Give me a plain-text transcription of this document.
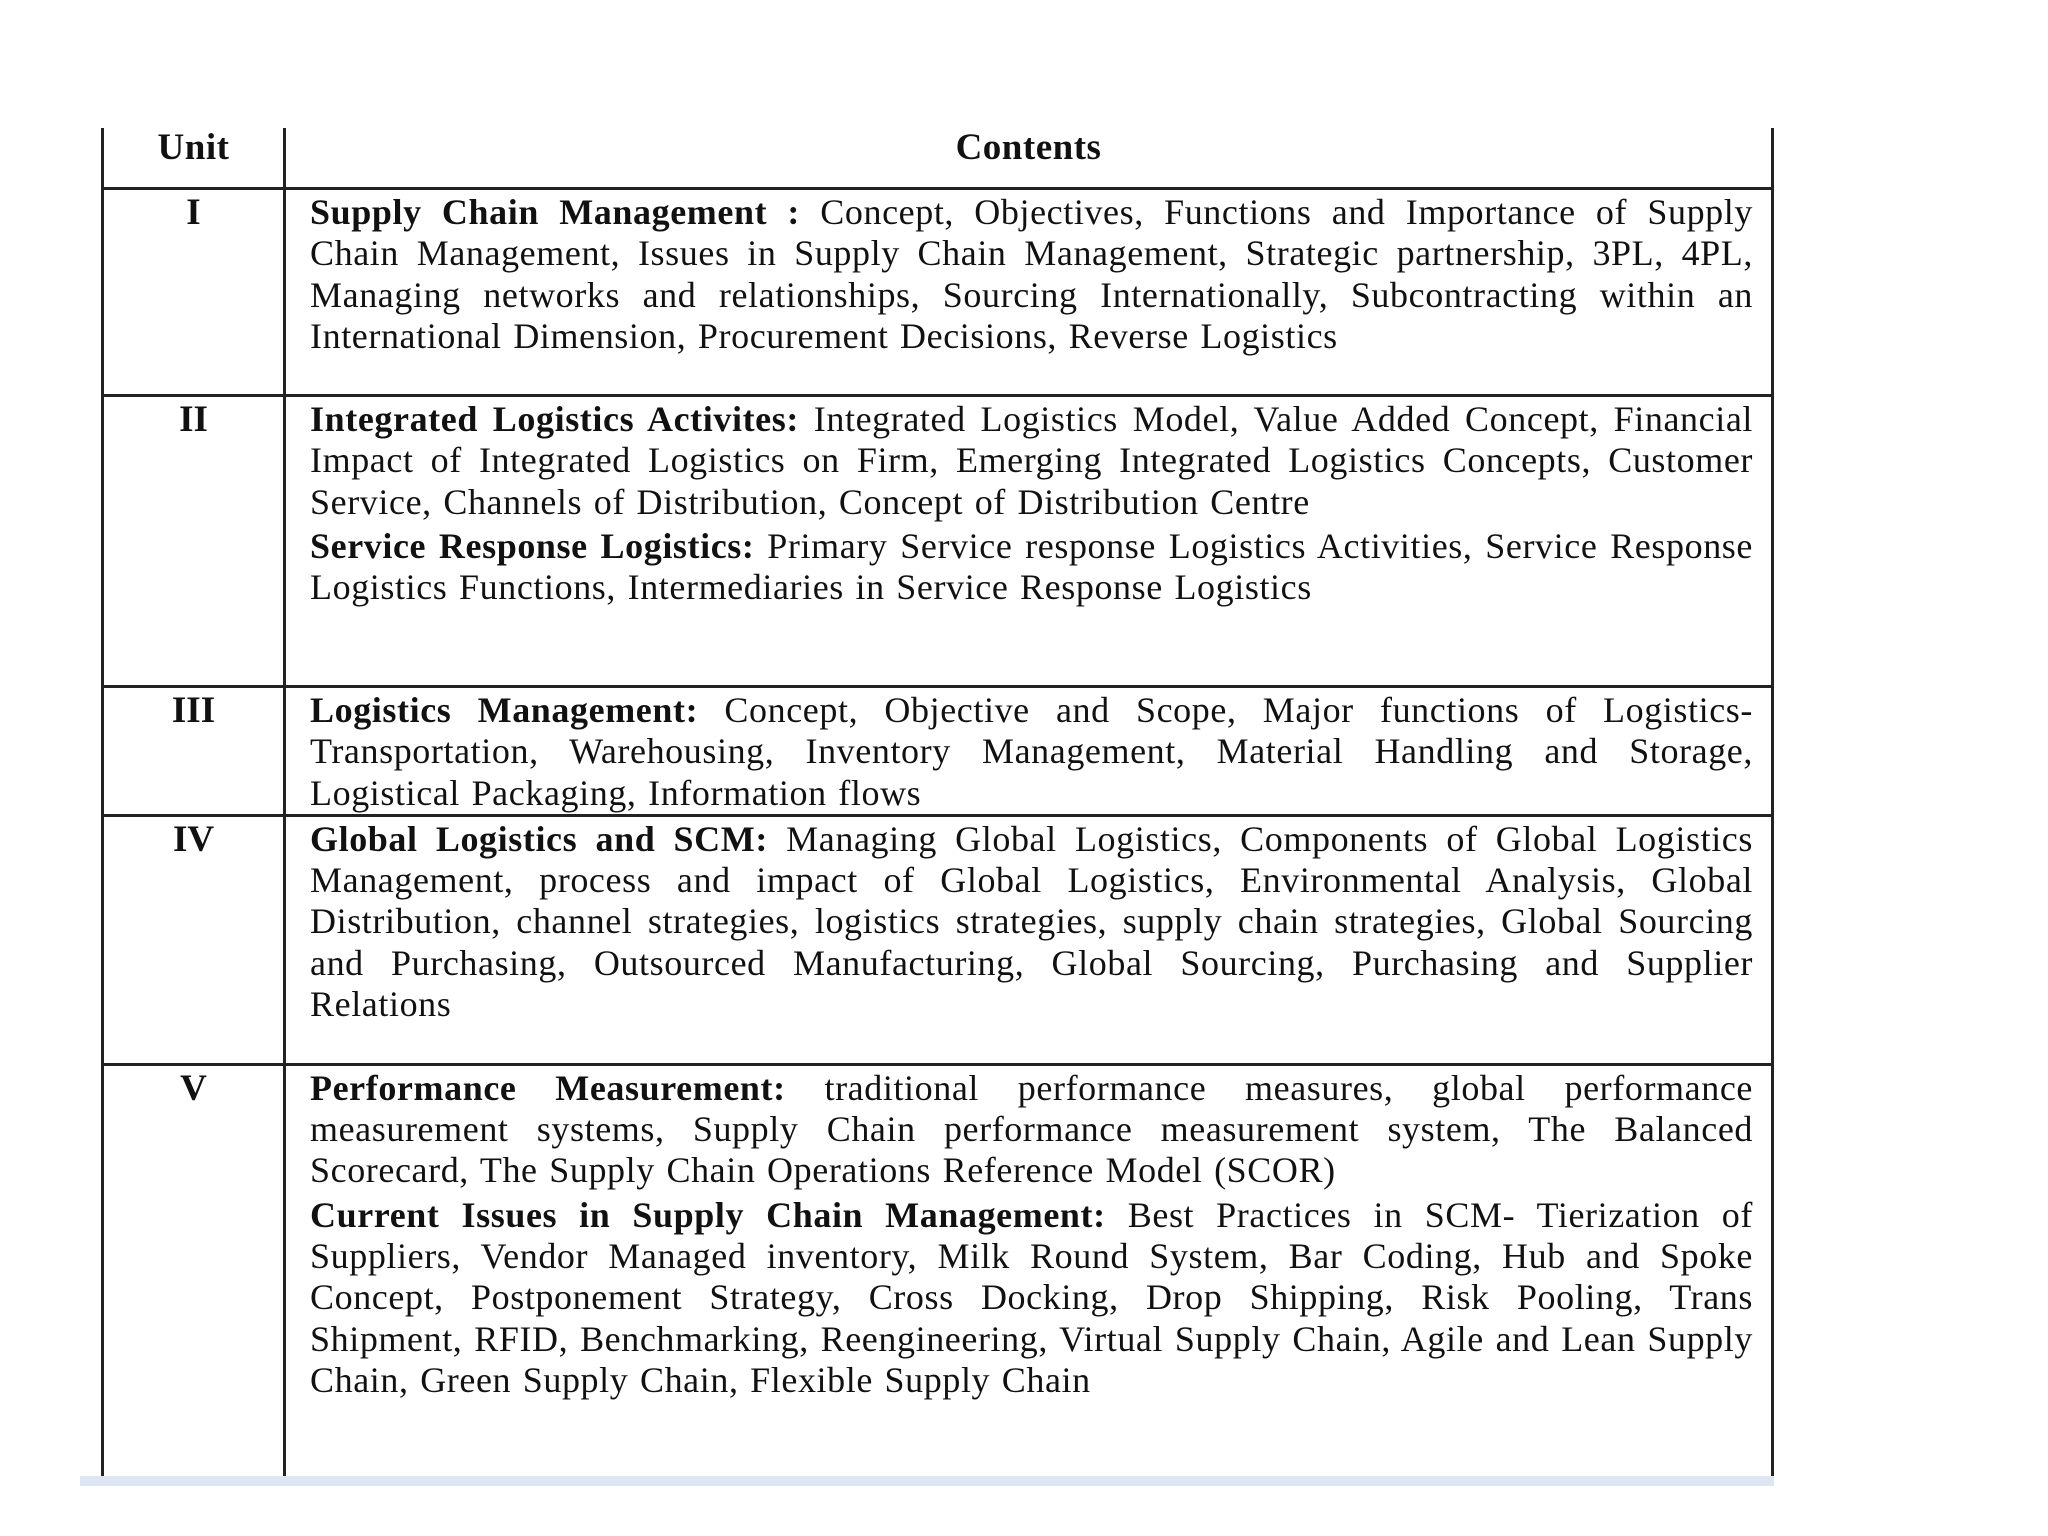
Unit	Contents

I	Supply Chain Management : Concept, Objectives, Functions and Importance of Supply Chain Management, Issues in Supply Chain Management, Strategic partnership, 3PL, 4PL, Managing networks and relationships, Sourcing Internationally, Subcontracting within an International Dimension, Procurement Decisions, Reverse Logistics

II	Integrated Logistics Activites: Integrated Logistics Model, Value Added Concept, Financial Impact of Integrated Logistics on Firm, Emerging Integrated Logistics Concepts, Customer Service, Channels of Distribution, Concept of Distribution Centre

Service Response Logistics: Primary Service response Logistics Activities, Service Response Logistics Functions, Intermediaries in Service Response Logistics

III	Logistics Management: Concept, Objective and Scope, Major functions of Logistics- Transportation, Warehousing, Inventory Management, Material Handling and Storage, Logistical Packaging, Information flows

IV	Global Logistics and SCM: Managing Global Logistics, Components of Global Logistics Management, process and impact of Global Logistics, Environmental Analysis, Global Distribution, channel strategies, logistics strategies, supply chain strategies, Global Sourcing and Purchasing, Outsourced Manufacturing, Global Sourcing, Purchasing and Supplier Relations

V	Performance Measurement: traditional performance measures, global performance measurement systems, Supply Chain performance measurement system, The Balanced Scorecard, The Supply Chain Operations Reference Model (SCOR)

Current Issues in Supply Chain Management: Best Practices in SCM- Tierization of Suppliers, Vendor Managed inventory, Milk Round System, Bar Coding, Hub and Spoke Concept, Postponement Strategy, Cross Docking, Drop Shipping, Risk Pooling, Trans Shipment, RFID, Benchmarking, Reengineering, Virtual Supply Chain, Agile and Lean Supply Chain, Green Supply Chain, Flexible Supply Chain
